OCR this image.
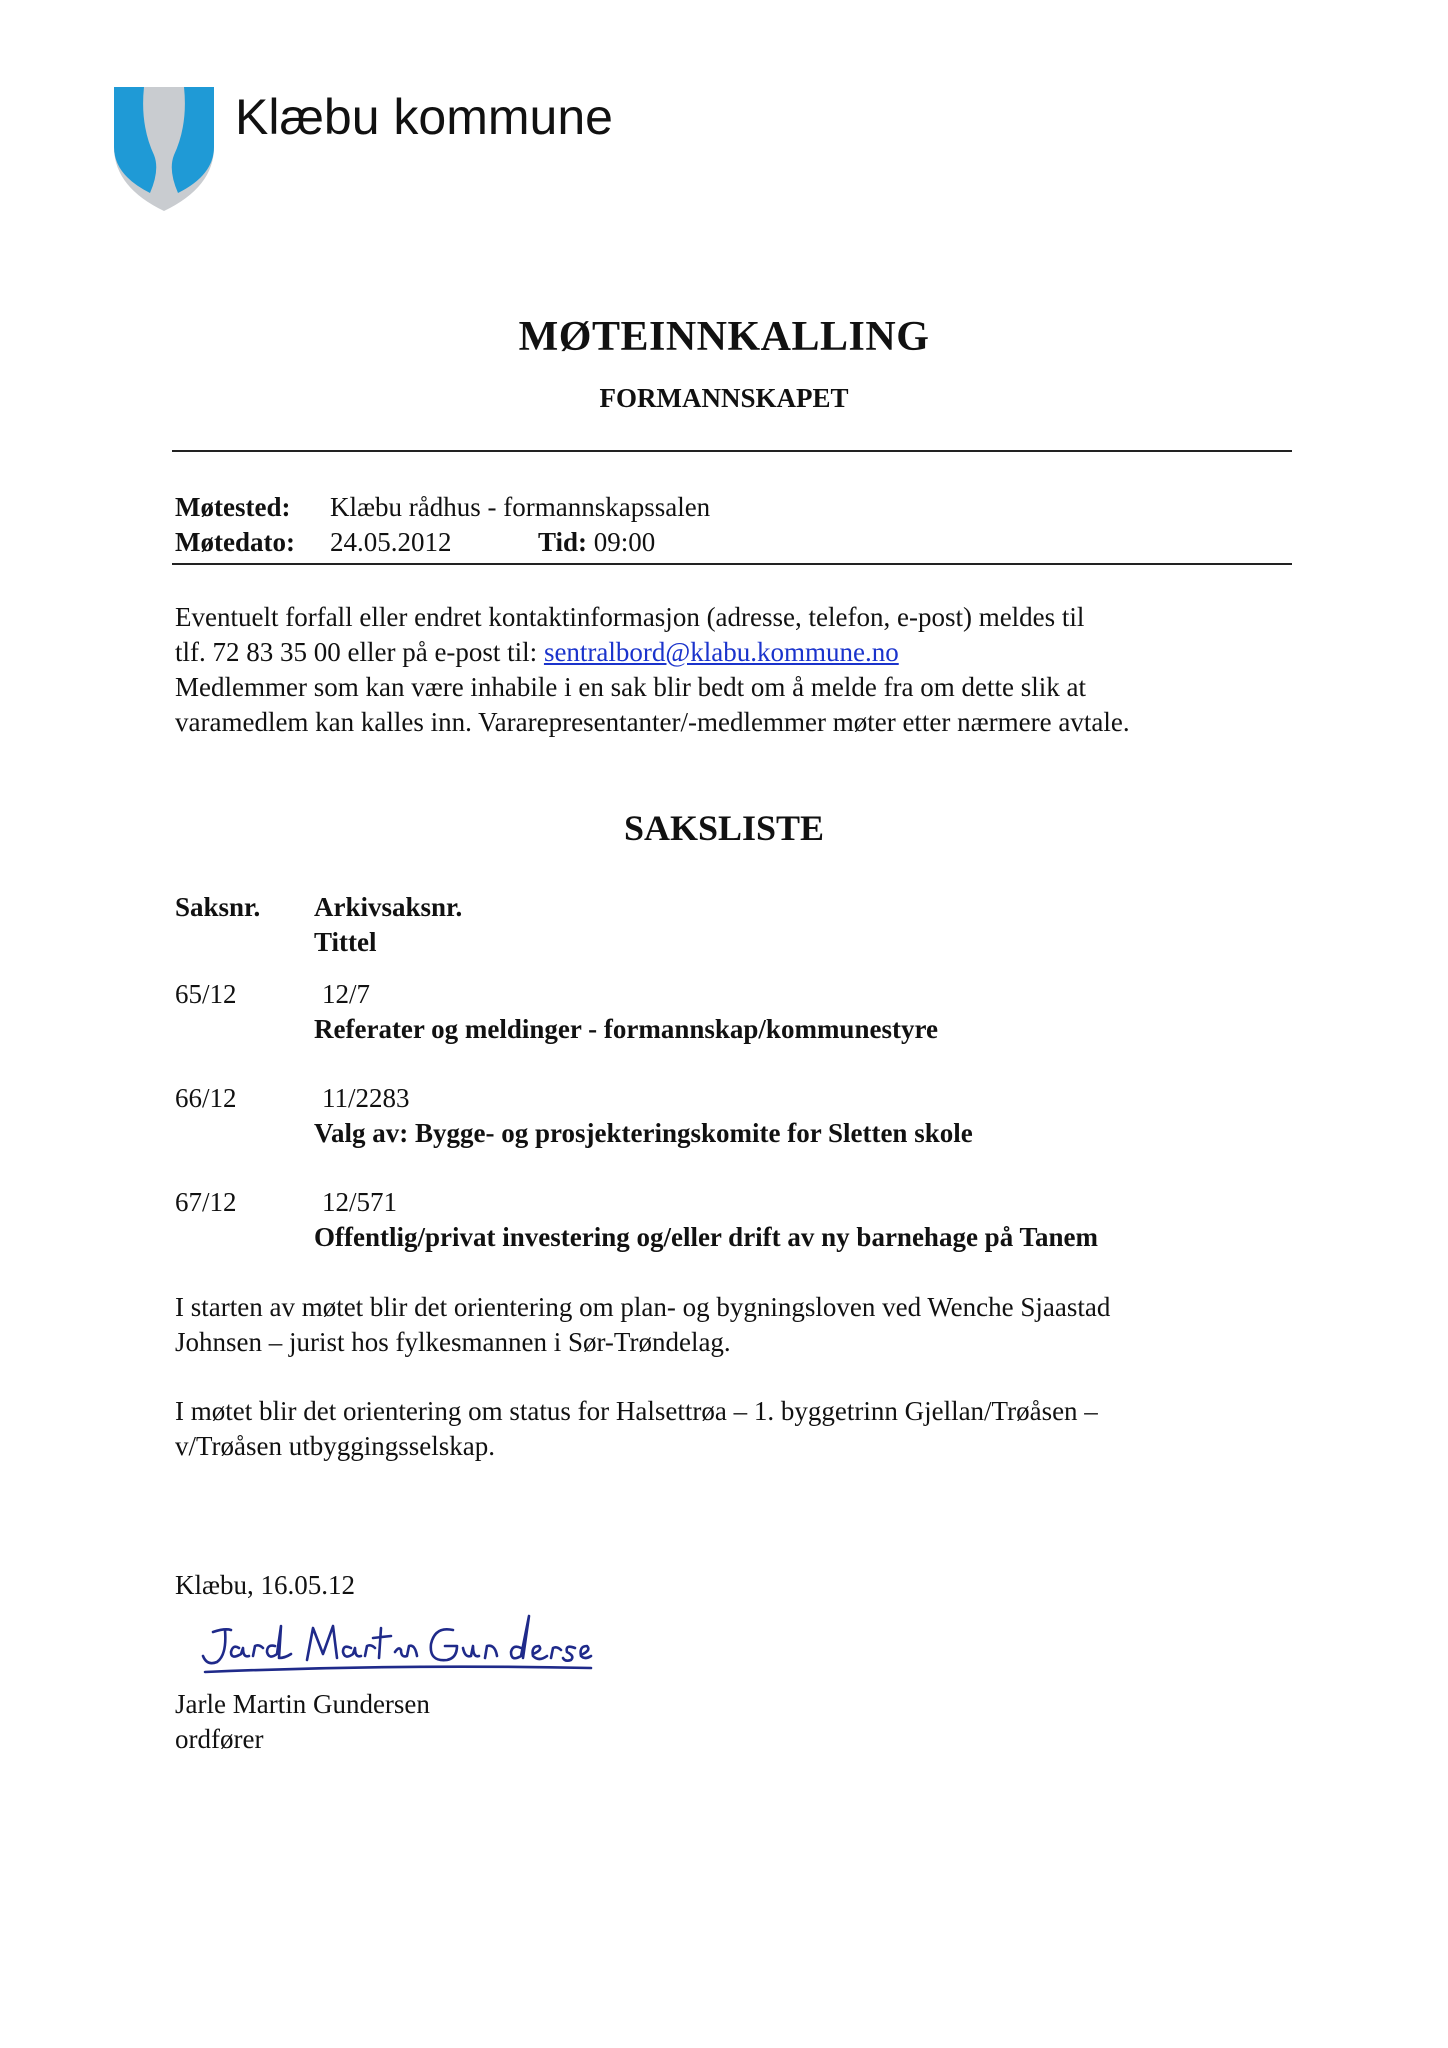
Klæbu kommune
MØTEINNKALLING
FORMANNSKAPET
Møtested: Klæbu rådhus - formannskapssalen
Møtedato: 24.05.2012	Tid: 09:00
Eventuelt forfall eller endret kontaktinformasjon (adresse, telefon, e-post) meldes til
tlf. 72 83 35 00 eller på e-post til: sentralbord@klabu.kommune.no
Medlemmer som kan være inhabile i en sak blir bedt om å melde fra om dette slik at
varamedlem kan kalles inn. Vararepresentanter/-medlemmer møter etter nærmere avtale.
SAKSLISTE
Saksnr. Arkivsaksnr.
Tittel
65/12	12/7
Referater og meldinger - formannskap/kommunestyre
66/12	11/2283
Valg av: Bygge- og prosjekteringskomite for Sletten skole
67/12	12/571
Offentlig/privat investering og/eller drift av ny barnehage på Tanem
I starten av møtet blir det orientering om plan- og bygningsloven ved Wenche Sjaastad
Johnsen – jurist hos fylkesmannen i Sør-Trøndelag.
I møtet blir det orientering om status for Halsettrøa – 1. byggetrinn Gjellan/Trøåsen –
v/Trøåsen utbyggingsselskap.
Klæbu, 16.05.12
Jarle Martin Gundersen
ordfører
